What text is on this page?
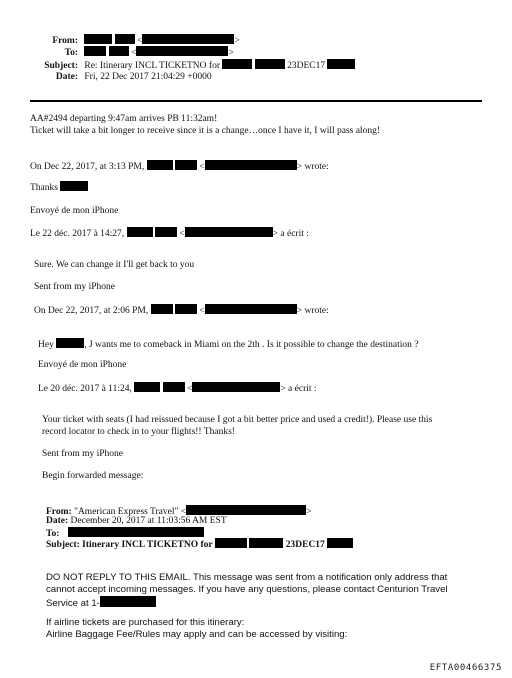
From:	<	>
To:	<	>
Subject: Re: Itinerary INCL TICKETNO for	23DEC17
Date: Fri, 22 Dec 2017 21:04:29 +0000
AA#2494 departing 9:47am arrives PB 11:32am!
Ticket will take a bit longer to receive since it is a change…once I have it, I will pass along!
On Dec 22, 2017, at 3:13 PM,	<	> wrote:
Thanks
Envoyé de mon iPhone
Le 22 déc. 2017 à 14:27,	<	> a écrit :
Sure. We can change it I'll get back to you
Sent from my iPhone
On Dec 22, 2017, at 2:06 PM,	<	> wrote:
Hey	, J wants me to comeback in Miami on the 2th . Is it possible to change the destination ?
Envoyé de mon iPhone
Le 20 déc. 2017 à 11:24,	<	> a écrit :
Your ticket with seats (I had reissued because I got a bit better price and used a credit!). Please use this
record locator to check in to your flights!! Thanks!
Sent from my iPhone
Begin forwarded message:
From: "American Express Travel" <	>
Date: December 20, 2017 at 11:03:56 AM EST
To:
Subject: Itinerary INCL TICKETNO for	23DEC17
DO NOT REPLY TO THIS EMAIL. This message was sent from a notification only address that
cannot accept incoming messages. If you have any questions, please contact Centurion Travel
Service at 1-
If airline tickets are purchased for this itinerary:
Airline Baggage Fee/Rules may apply and can be accessed by visiting:
EFTA00466375
